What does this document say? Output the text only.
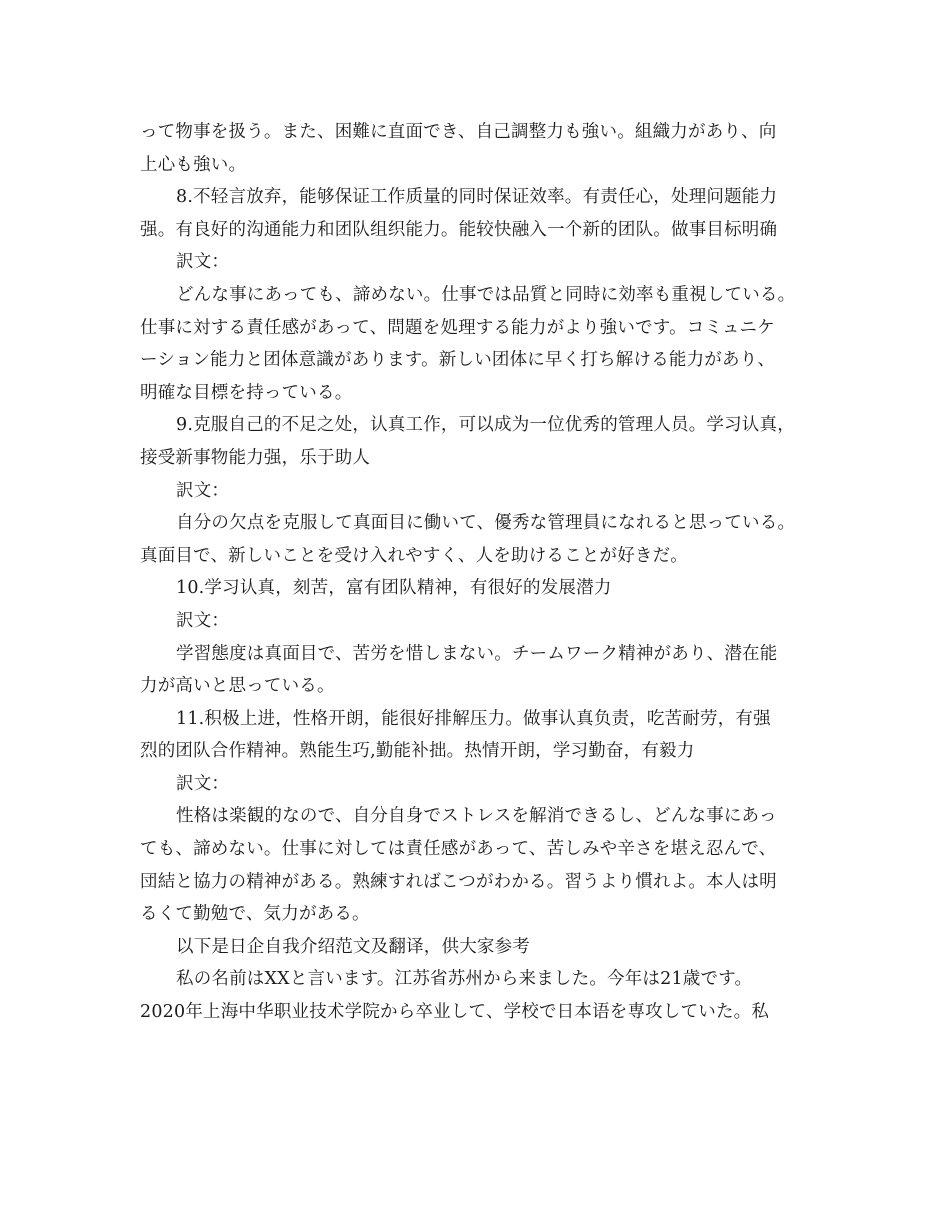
って物事を扱う。また、困難に直面でき、自己調整力も強い。組織力があり、向
上心も強い。
8.不轻言放弃，能够保证工作质量的同时保证效率。有责任心，处理问题能力
强。有良好的沟通能力和团队组织能力。能较快融入一个新的团队。做事目标明确
訳文：
どんな事にあっても、諦めない。仕事では品質と同時に効率も重視している。
仕事に対する責任感があって、問題を処理する能力がより強いです。コミュニケ
ーション能力と团体意識があります。新しい团体に早く打ち解ける能力があり、
明確な目標を持っている。
9.克服自己的不足之处，认真工作，可以成为一位优秀的管理人员。学习认真，
接受新事物能力强，乐于助人
訳文：
自分の欠点を克服して真面目に働いて、優秀な管理員になれると思っている。
真面目で、新しいことを受け入れやすく、人を助けることが好きだ。
10.学习认真，刻苦，富有团队精神，有很好的发展潜力
訳文：
学習態度は真面目で、苦労を惜しまない。チームワーク精神があり、潜在能
力が高いと思っている。
11.积极上进，性格开朗，能很好排解压力。做事认真负责，吃苦耐劳，有强
烈的团队合作精神。熟能生巧,勤能补拙。热情开朗，学习勤奋，有毅力
訳文：
性格は楽観的なので、自分自身でストレスを解消できるし、どんな事にあっ
ても、諦めない。仕事に対しては責任感があって、苦しみや辛さを堪え忍んで、
団結と協力の精神がある。熟練すればこつがわかる。習うより慣れよ。本人は明
るくて勤勉で、気力がある。
以下是日企自我介绍范文及翻译，供大家参考
私の名前はXXと言います。江苏省苏州から来ました。今年は21歳です。
2020年上海中华职业技术学院から卒业して、学校で日本语を専攻していた。私
